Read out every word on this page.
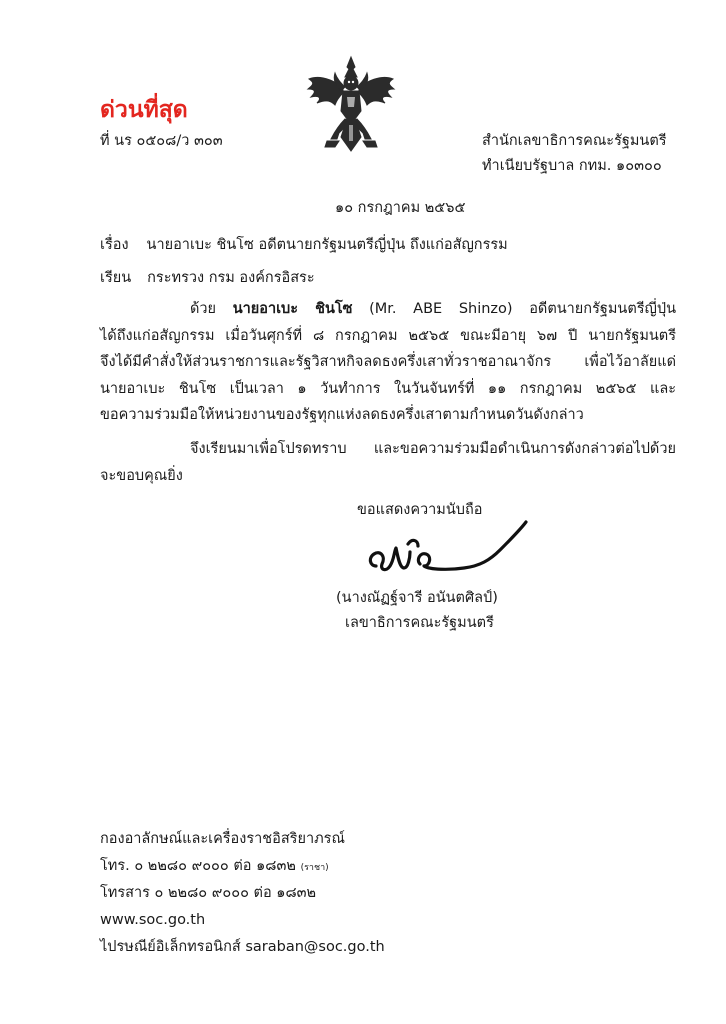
ด่วนที่สุด
ที่ นร ๐๕๐๘/ว ๓๐๓	สำนักเลขาธิการคณะรัฐมนตรี
ทำเนียบรัฐบาล กทม. ๑๐๓๐๐
๑๐ กรกฎาคม ๒๕๖๕
เรื่อง นายอาเบะ ชินโซ อดีตนายกรัฐมนตรีญี่ปุ่น ถึงแก่อสัญกรรม
เรียน กระทรวง กรม องค์กรอิสระ
ด้วย นายอาเบะ ชินโซ (Mr. ABE Shinzo) อดีตนายกรัฐมนตรีญี่ปุ่น
ได้ถึงแก่อสัญกรรม เมื่อวันศุกร์ที่ ๘ กรกฎาคม ๒๕๖๕ ขณะมีอายุ ๖๗ ปี นายกรัฐมนตรี
จึงได้มีคำสั่งให้ส่วนราชการและรัฐวิสาหกิจลดธงครึ่งเสาทั่วราชอาณาจักร เพื่อไว้อาลัยแด่
นายอาเบะ ชินโซ เป็นเวลา ๑ วันทำการ ในวันจันทร์ที่ ๑๑ กรกฎาคม ๒๕๖๕ และ
ขอความร่วมมือให้หน่วยงานของรัฐทุกแห่งลดธงครึ่งเสาตามกำหนดวันดังกล่าว
จึงเรียนมาเพื่อโปรดทราบ และขอความร่วมมือดำเนินการดังกล่าวต่อไปด้วย
จะขอบคุณยิ่ง
ขอแสดงความนับถือ
(นางณัฏฐ์จารี อนันตศิลป์)
เลขาธิการคณะรัฐมนตรี
กองอาลักษณ์และเครื่องราชอิสริยาภรณ์
โทร. ๐ ๒๒๘๐ ๙๐๐๐ ต่อ ๑๘๓๒ (ราชา)
โทรสาร ๐ ๒๒๘๐ ๙๐๐๐ ต่อ ๑๘๓๒
www.soc.go.th
ไปรษณีย์อิเล็กทรอนิกส์ saraban@soc.go.th
